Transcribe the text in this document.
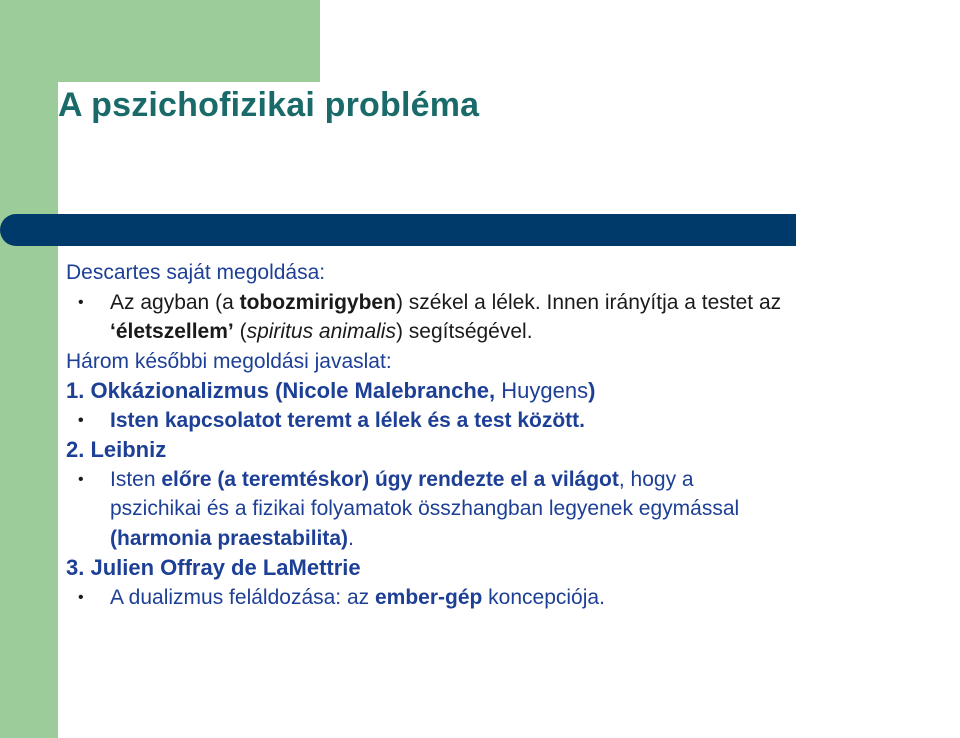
A pszichofizikai probléma
Descartes saját megoldása:
• Az agyban (a tobozmirigyben) székel a lélek. Innen irányítja a testet az
‘életszellem’ (spiritus animalis) segítségével.
Három későbbi megoldási javaslat:
1. Okkázionalizmus (Nicole Malebranche, Huygens)
• Isten kapcsolatot teremt a lélek és a test között.
2. Leibniz
• Isten előre (a teremtéskor) úgy rendezte el a világot, hogy a
pszichikai és a fizikai folyamatok összhangban legyenek egymással
(harmonia praestabilita).
3. Julien Offray de LaMettrie
• A dualizmus feláldozása: az ember-gép koncepciója.
